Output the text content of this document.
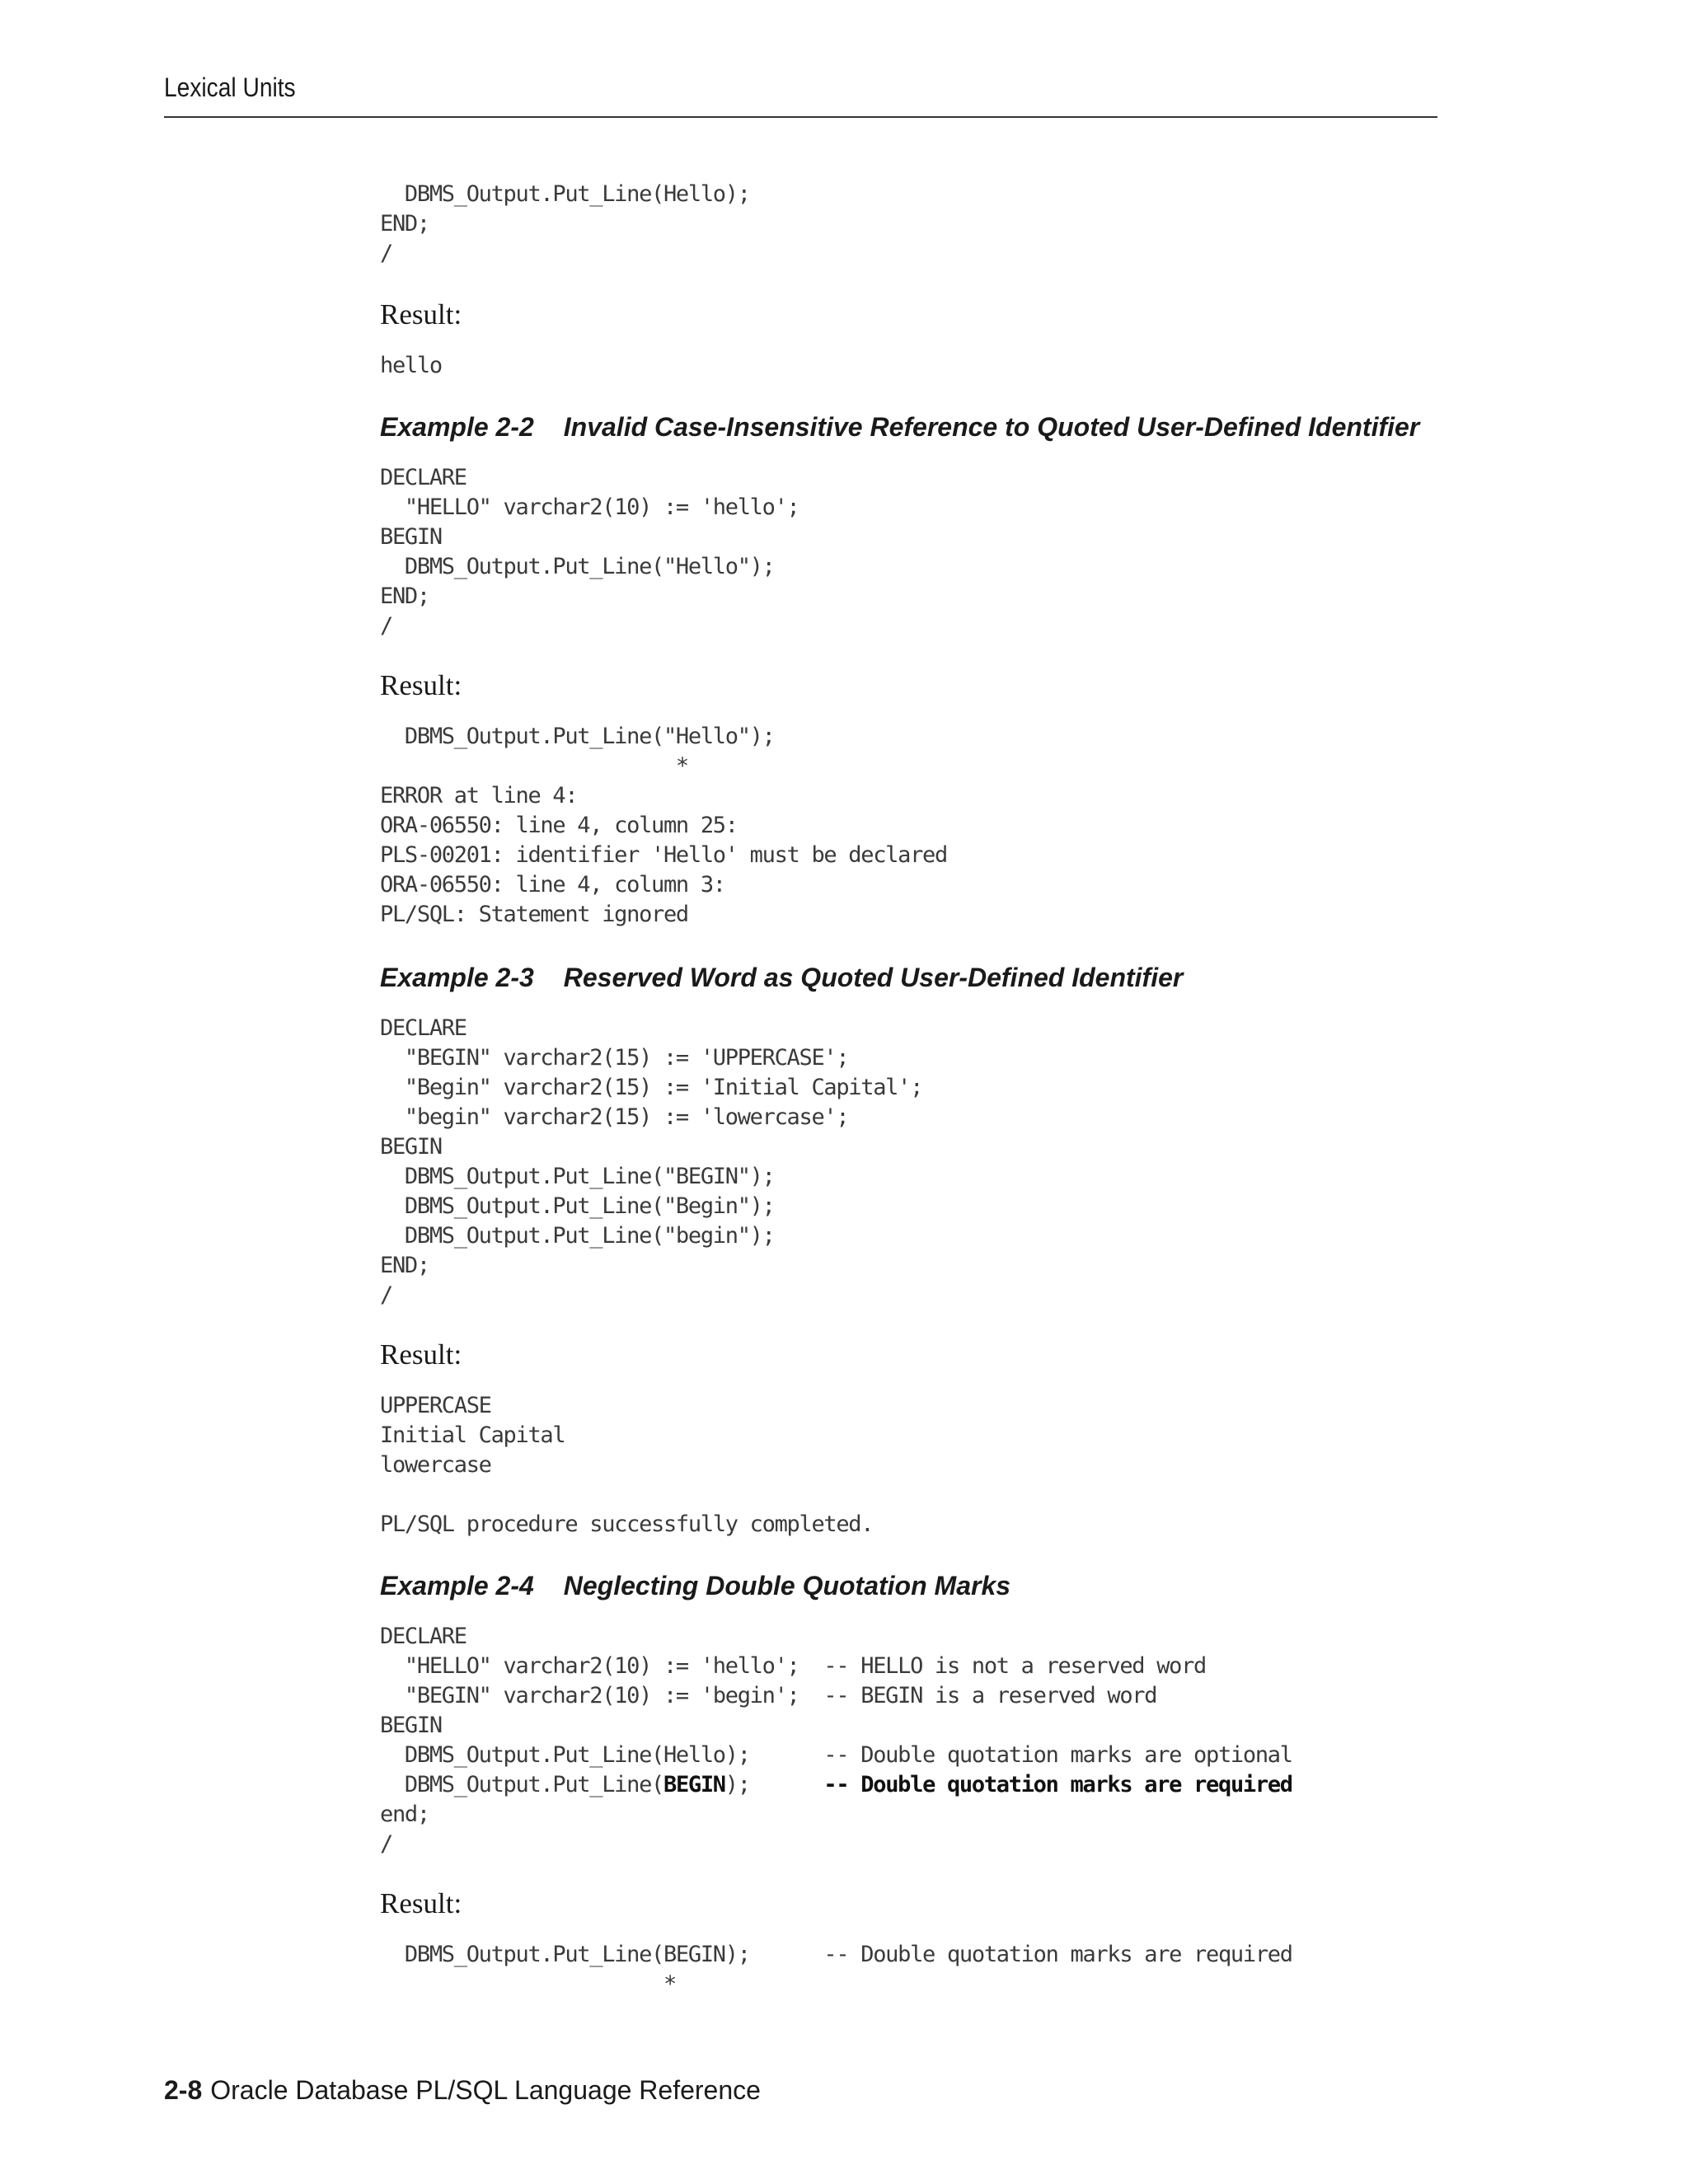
Lexical Units
DBMS_Output.Put_Line(Hello);
END;
/
Result:
hello
Example 2-2 Invalid Case-Insensitive Reference to Quoted User-Defined Identifier
DECLARE
"HELLO" varchar2(10) := 'hello';
BEGIN
DBMS_Output.Put_Line("Hello");
END;
/
Result:
DBMS_Output.Put_Line("Hello");
*
ERROR at line 4:
ORA-06550: line 4, column 25:
PLS-00201: identifier 'Hello' must be declared
ORA-06550: line 4, column 3:
PL/SQL: Statement ignored
Example 2-3 Reserved Word as Quoted User-Defined Identifier
DECLARE
"BEGIN" varchar2(15) := 'UPPERCASE';
"Begin" varchar2(15) := 'Initial Capital';
"begin" varchar2(15) := 'lowercase';
BEGIN
DBMS_Output.Put_Line("BEGIN");
DBMS_Output.Put_Line("Begin");
DBMS_Output.Put_Line("begin");
END;
/
Result:
UPPERCASE
Initial Capital
lowercase

PL/SQL procedure successfully completed.
Example 2-4 Neglecting Double Quotation Marks
DECLARE
"HELLO" varchar2(10) := 'hello';  -- HELLO is not a reserved word
"BEGIN" varchar2(10) := 'begin';  -- BEGIN is a reserved word
BEGIN
DBMS_Output.Put_Line(Hello);      -- Double quotation marks are optional
DBMS_Output.Put_Line(BEGIN);      -- Double quotation marks are required
end;
/
Result:
DBMS_Output.Put_Line(BEGIN);      -- Double quotation marks are required
*
2-8 Oracle Database PL/SQL Language Reference
